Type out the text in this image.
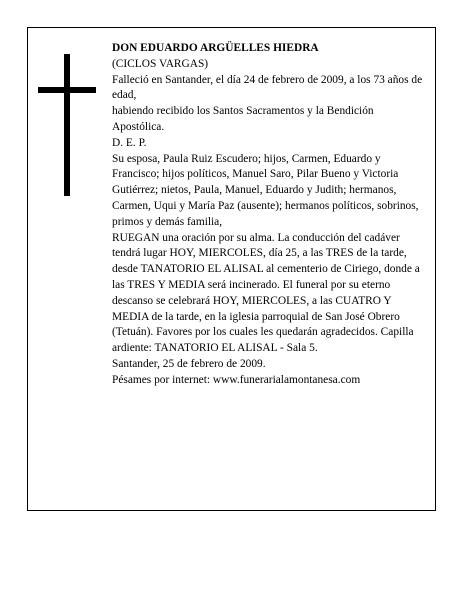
DON EDUARDO ARGÜELLES HIEDRA

(CICLOS VARGAS)

Falleció en Santander, el día 24 de febrero de 2009, a los 73 años de edad,

habiendo recibido los Santos Sacramentos y la Bendición Apostólica.

D. E. P.

Su esposa, Paula Ruiz Escudero; hijos, Carmen, Eduardo y Francisco; hijos políticos, Manuel Saro, Pilar Bueno y Victoria Gutiérrez; nietos, Paula, Manuel, Eduardo y Judith; hermanos, Carmen, Uqui y María Paz (ausente); hermanos políticos, sobrinos, primos y demás familia,

RUEGAN una oración por su alma. La conducción del cadáver tendrá lugar HOY, MIERCOLES, día 25, a las TRES de la tarde, desde TANATORIO EL ALISAL al cementerio de Ciriego, donde a las TRES Y MEDIA será incinerado. El funeral por su eterno descanso se celebrará HOY, MIERCOLES, a las CUATRO Y MEDIA de la tarde, en la iglesia parroquial de San José Obrero (Tetuán). Favores por los cuales les quedarán agradecidos. Capilla ardiente: TANATORIO EL ALISAL - Sala 5.

Santander, 25 de febrero de 2009.

Pésames por internet: www.funerarialamontanesa.com
